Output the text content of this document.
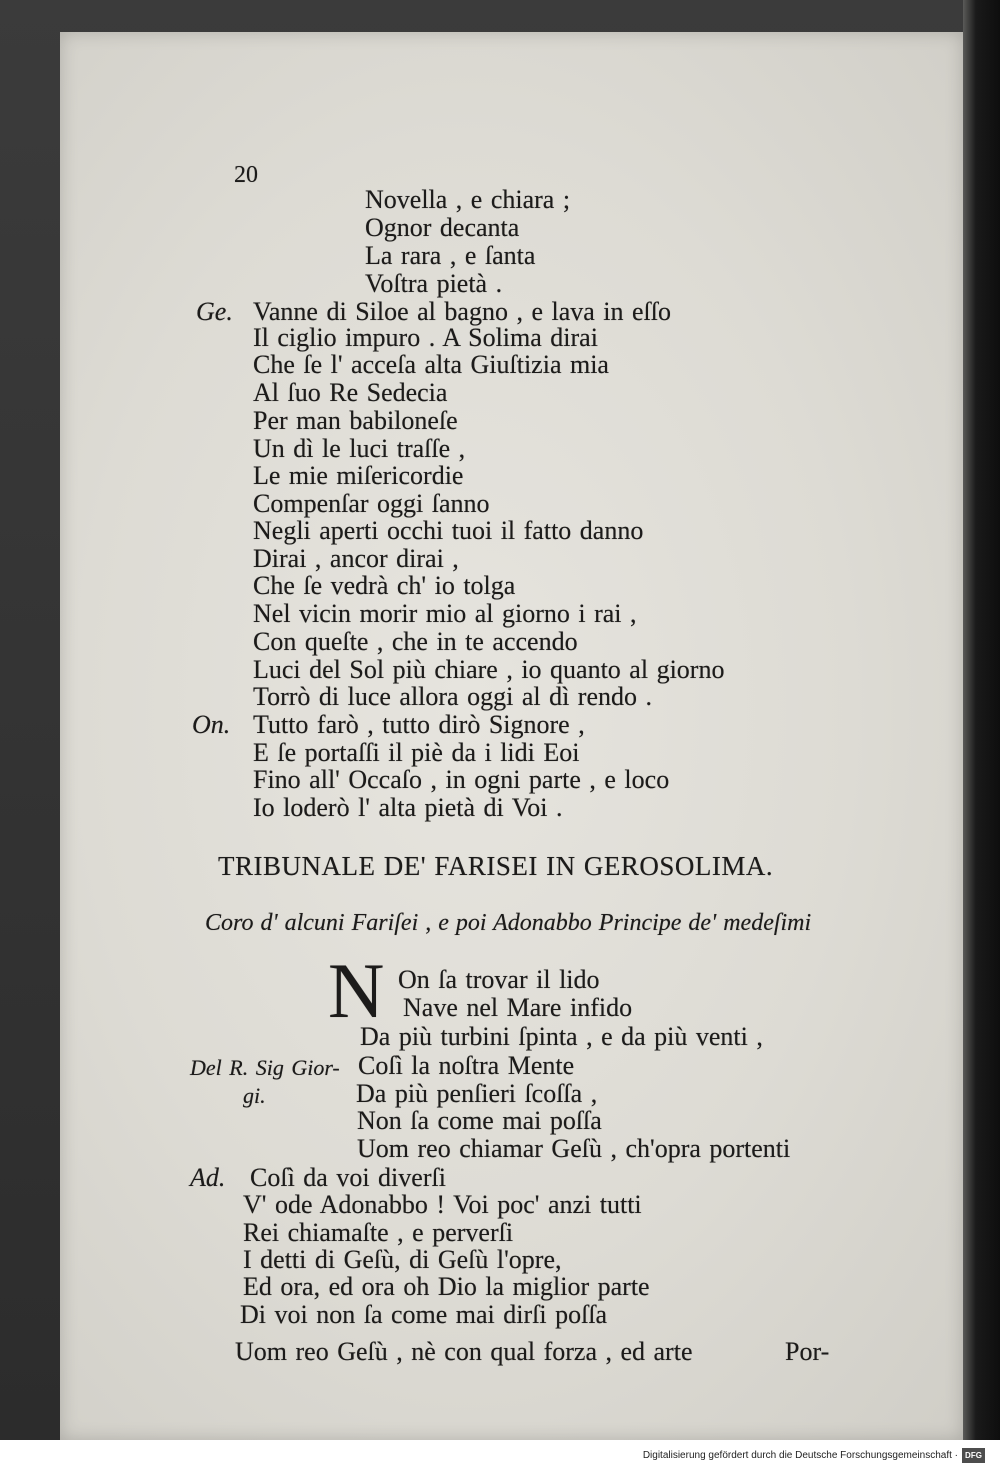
20
Novella , e chiara ;
Ognor decanta
La rara , e ſanta
Voſtra pietà .
Ge. Vanne di Siloe al bagno , e lava in eſſo
Il ciglio impuro . A Solima dirai
Che ſe l' acceſa alta Giuſtizia mia
Al ſuo Re Sedecia
Per man babiloneſe
Un dì le luci traſſe ,
Le mie miſericordie
Compenſar oggi ſanno
Negli aperti occhi tuoi il fatto danno
Dirai , ancor dirai ,
Che ſe vedrà ch' io tolga
Nel vicin morir mio al giorno i rai ,
Con queſte , che in te accendo
Luci del Sol più chiare , io quanto al giorno
Torrò di luce allora oggi al dì rendo .
On. Tutto farò , tutto dirò Signore ,
E ſe portaſſi il piè da i lidi Eoi
Fino all' Occaſo , in ogni parte , e loco
Io loderò l' alta pietà di Voi .
TRIBUNALE DE' FARISEI IN GEROSOLIMA.
Coro d' alcuni Fariſei , e poi Adonabbo Principe de' medeſimi
N On ſa trovar il lido
Nave nel Mare infido
Da più turbini ſpinta , e da più venti ,
Del R. Sig Gior- Coſì la noſtra Mente
gi.	Da più penſieri ſcoſſa ,
Non ſa come mai poſſa
Uom reo chiamar Geſù , ch'opra portenti
Ad. Coſì da voi diverſi
V' ode Adonabbo ! Voi poc' anzi tutti
Rei chiamaſte , e perverſi
I detti di Geſù, di Geſù l'opre,
Ed ora, ed ora oh Dio la miglior parte
Di voi non ſa come mai dirſi poſſa
Uom reo Geſù , nè con qual forza , ed arte	Por-
Digitalisierung gefördert durch die Deutsche Forschungsgemeinschaft · DFG
